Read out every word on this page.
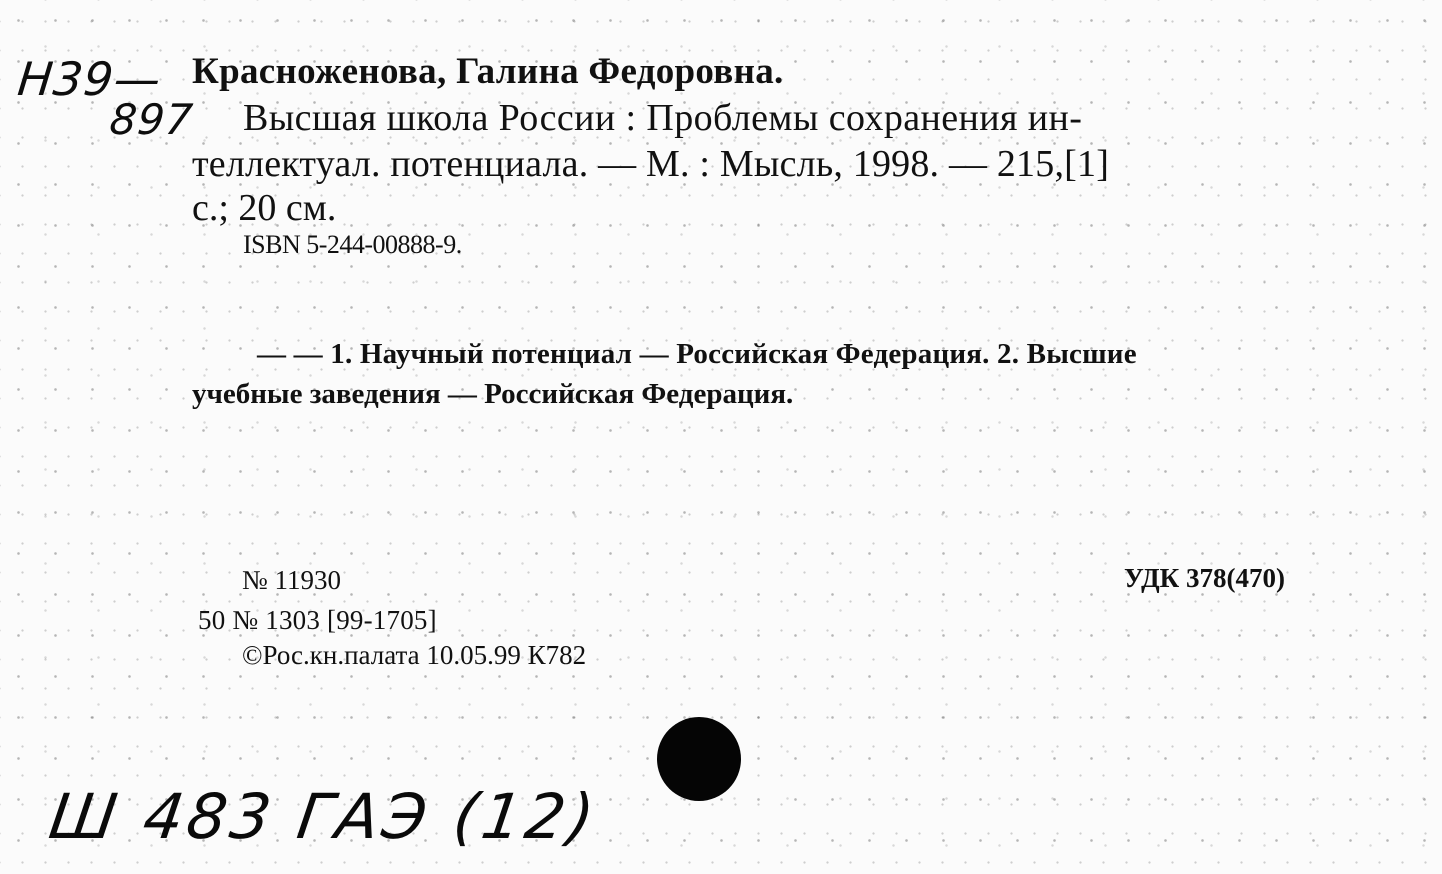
Н39—
897
Красноженова, Галина Федоровна.
Высшая школа России : Проблемы сохранения ин-
теллектуал. потенциала. — М. : Мысль, 1998. — 215,[1]
с.; 20 см.
ISBN 5-244-00888-9.
— — 1. Научный потенциал — Российская Федерация. 2. Высшие
учебные заведения — Российская Федерация.
№ 11930
50 № 1303 [99-1705]
©Рос.кн.палата 10.05.99 К782
УДК 378(470)
Ш 483 ГАЭ (12)
